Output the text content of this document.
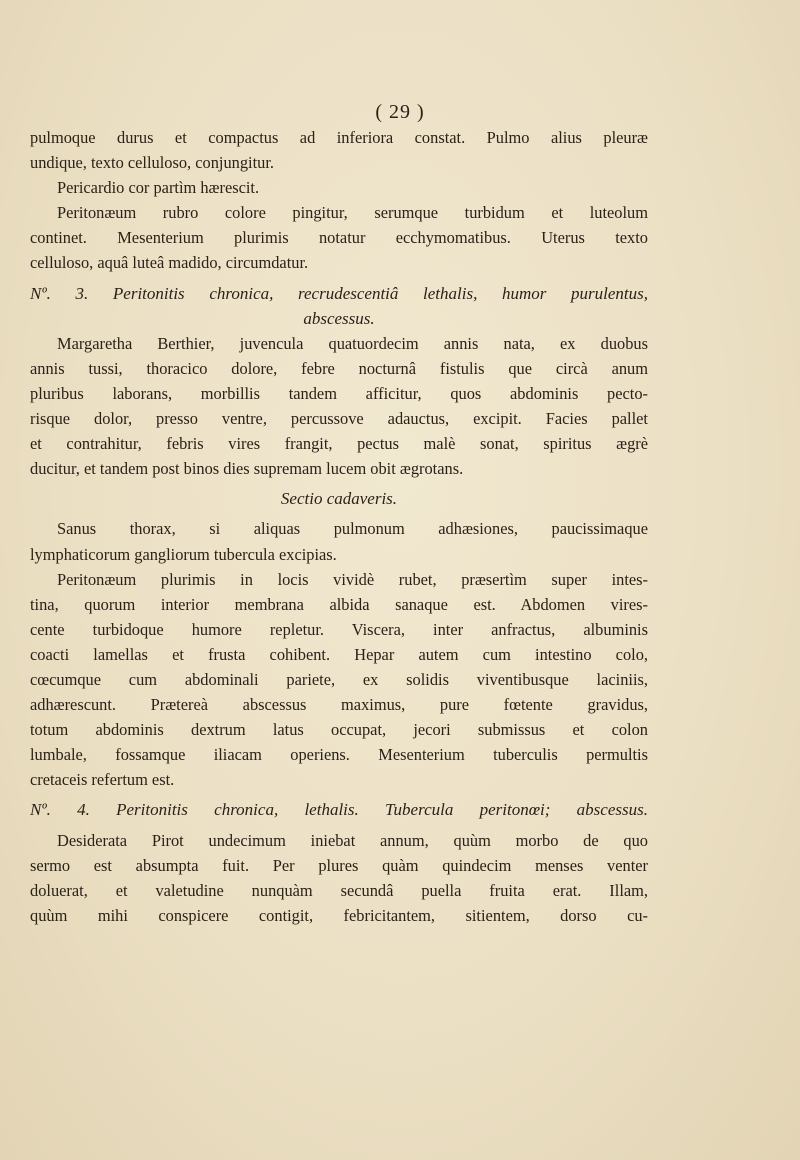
( 29 )
pulmoque durus et compactus ad inferiora constat. Pulmo alius pleuræ
undique, texto celluloso, conjungitur.
Pericardio cor partìm hærescit.
Peritonæum rubro colore pingitur, serumque turbidum et luteolum
continet. Mesenterium plurimis notatur ecchymomatibus. Uterus texto
celluloso, aquâ luteâ madido, circumdatur.
Nº. 3. Peritonitis chronica, recrudescentiâ lethalis, humor purulentus,
abscessus.
Margaretha Berthier, juvencula quatuordecim annis nata, ex duobus
annis tussi, thoracico dolore, febre nocturnâ fistulis que circà anum
pluribus laborans, morbillis tandem afficitur, quos abdominis pecto-
risque dolor, presso ventre, percussove adauctus, excipit. Facies pallet
et contrahitur, febris vires frangit, pectus malè sonat, spiritus ægrè
ducitur, et tandem post binos dies supremam lucem obit ægrotans.
Sectio cadaveris.
Sanus thorax, si aliquas pulmonum adhæsiones, paucissimaque
lymphaticorum gangliorum tubercula excipias.
Peritonæum plurimis in locis vividè rubet, præsertìm super intes-
tina, quorum interior membrana albida sanaque est. Abdomen vires-
cente turbidoque humore repletur. Viscera, inter anfractus, albuminis
coacti lamellas et frusta cohibent. Hepar autem cum intestino colo,
cœcumque cum abdominali pariete, ex solidis viventibusque laciniis,
adhærescunt. Prætereà abscessus maximus, pure fœtente gravidus,
totum abdominis dextrum latus occupat, jecori submissus et colon
lumbale, fossamque iliacam operiens. Mesenterium tuberculis permultis
cretaceis refertum est.
Nº. 4. Peritonitis chronica, lethalis. Tubercula peritonœi; abscessus.
Desiderata Pirot undecimum iniebat annum, quùm morbo de quo
sermo est absumpta fuit. Per plures quàm quindecim menses venter
doluerat, et valetudine nunquàm secundâ puella fruita erat. Illam,
quùm mihi conspicere contigit, febricitantem, sitientem, dorso cu-
